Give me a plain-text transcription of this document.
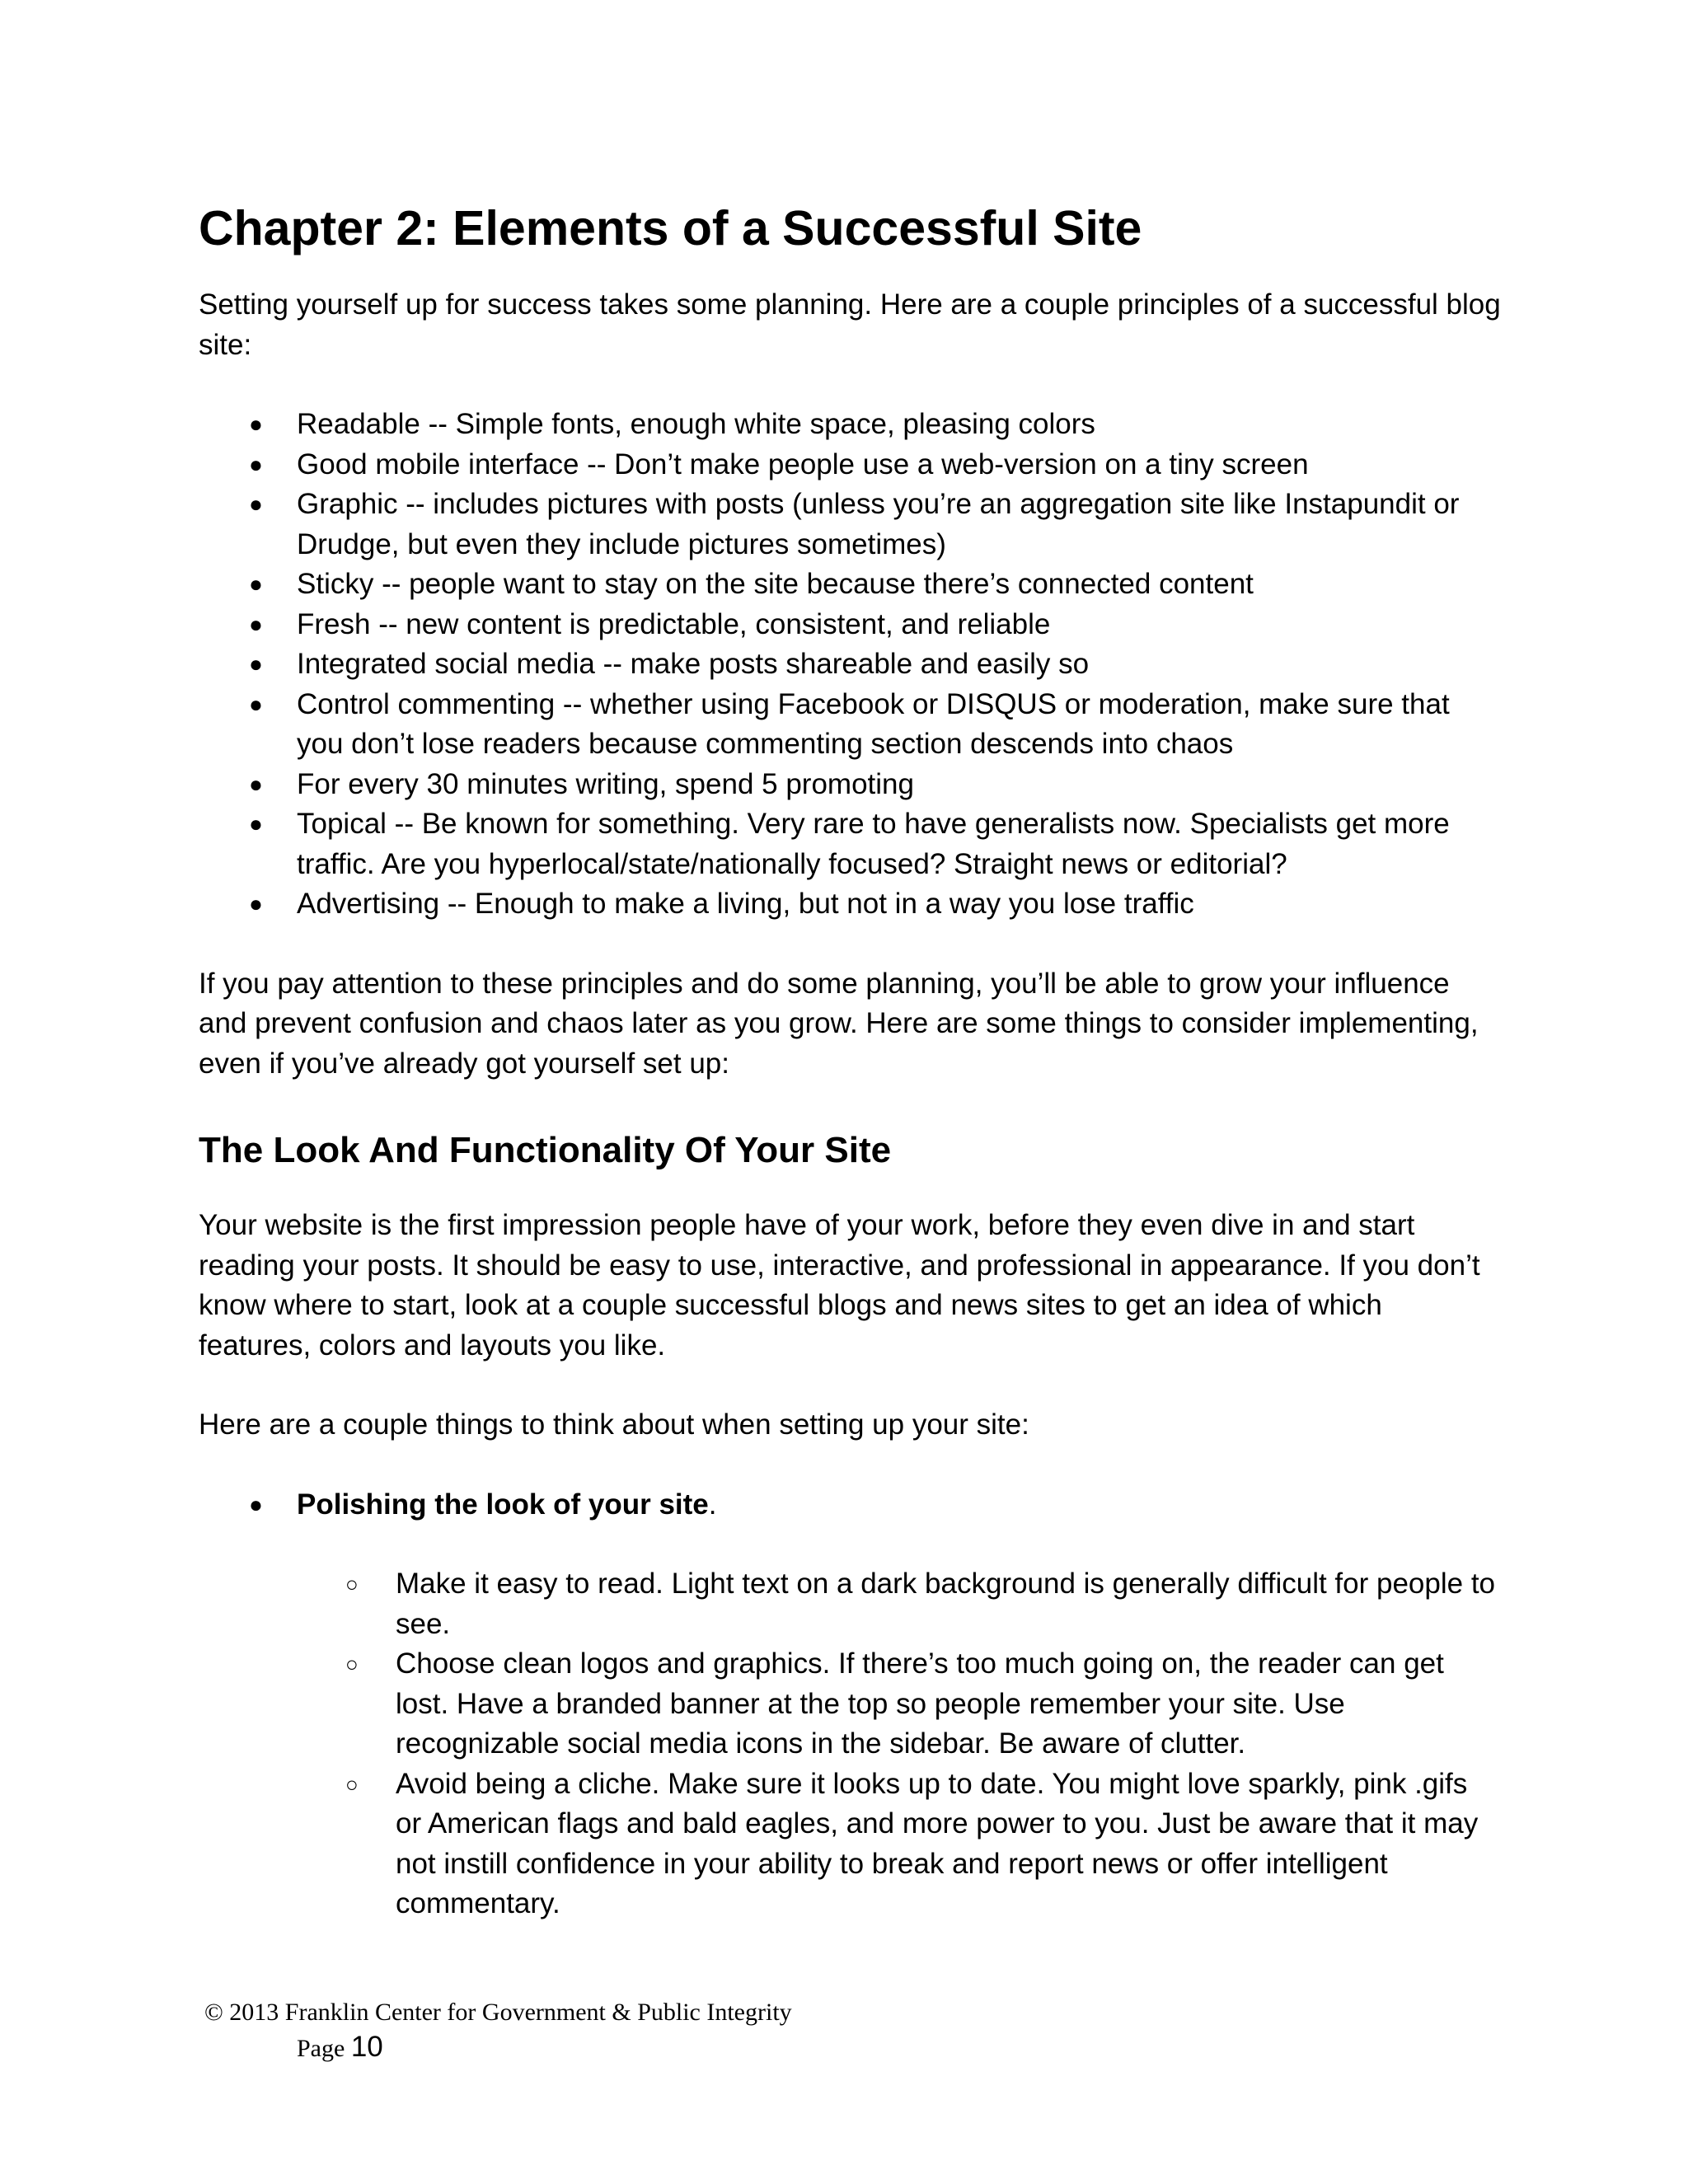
Chapter 2: Elements of a Successful Site

Setting yourself up for success takes some planning. Here are a couple principles of a successful blog site:

● Readable -- Simple fonts, enough white space, pleasing colors
● Good mobile interface -- Don’t make people use a web-version on a tiny screen
● Graphic -- includes pictures with posts (unless you’re an aggregation site like Instapundit or Drudge, but even they include pictures sometimes)
● Sticky -- people want to stay on the site because there’s connected content
● Fresh -- new content is predictable, consistent, and reliable
● Integrated social media -- make posts shareable and easily so
● Control commenting -- whether using Facebook or DISQUS or moderation, make sure that you don’t lose readers because commenting section descends into chaos
● For every 30 minutes writing, spend 5 promoting
● Topical -- Be known for something. Very rare to have generalists now. Specialists get more traffic. Are you hyperlocal/state/nationally focused? Straight news or editorial?
● Advertising -- Enough to make a living, but not in a way you lose traffic

If you pay attention to these principles and do some planning, you’ll be able to grow your influence and prevent confusion and chaos later as you grow. Here are some things to consider implementing, even if you’ve already got yourself set up:

The Look And Functionality Of Your Site

Your website is the first impression people have of your work, before they even dive in and start reading your posts. It should be easy to use, interactive, and professional in appearance. If you don’t know where to start, look at a couple successful blogs and news sites to get an idea of which features, colors and layouts you like.

Here are a couple things to think about when setting up your site:

● Polishing the look of your site.
○ Make it easy to read. Light text on a dark background is generally difficult for people to see.
○ Choose clean logos and graphics. If there’s too much going on, the reader can get lost. Have a branded banner at the top so people remember your site. Use recognizable social media icons in the sidebar. Be aware of clutter.
○ Avoid being a cliche. Make sure it looks up to date. You might love sparkly, pink .gifs or American flags and bald eagles, and more power to you. Just be aware that it may not instill confidence in your ability to break and report news or offer intelligent commentary.
© 2013 Franklin Center for Government & Public Integrity
Page 10
